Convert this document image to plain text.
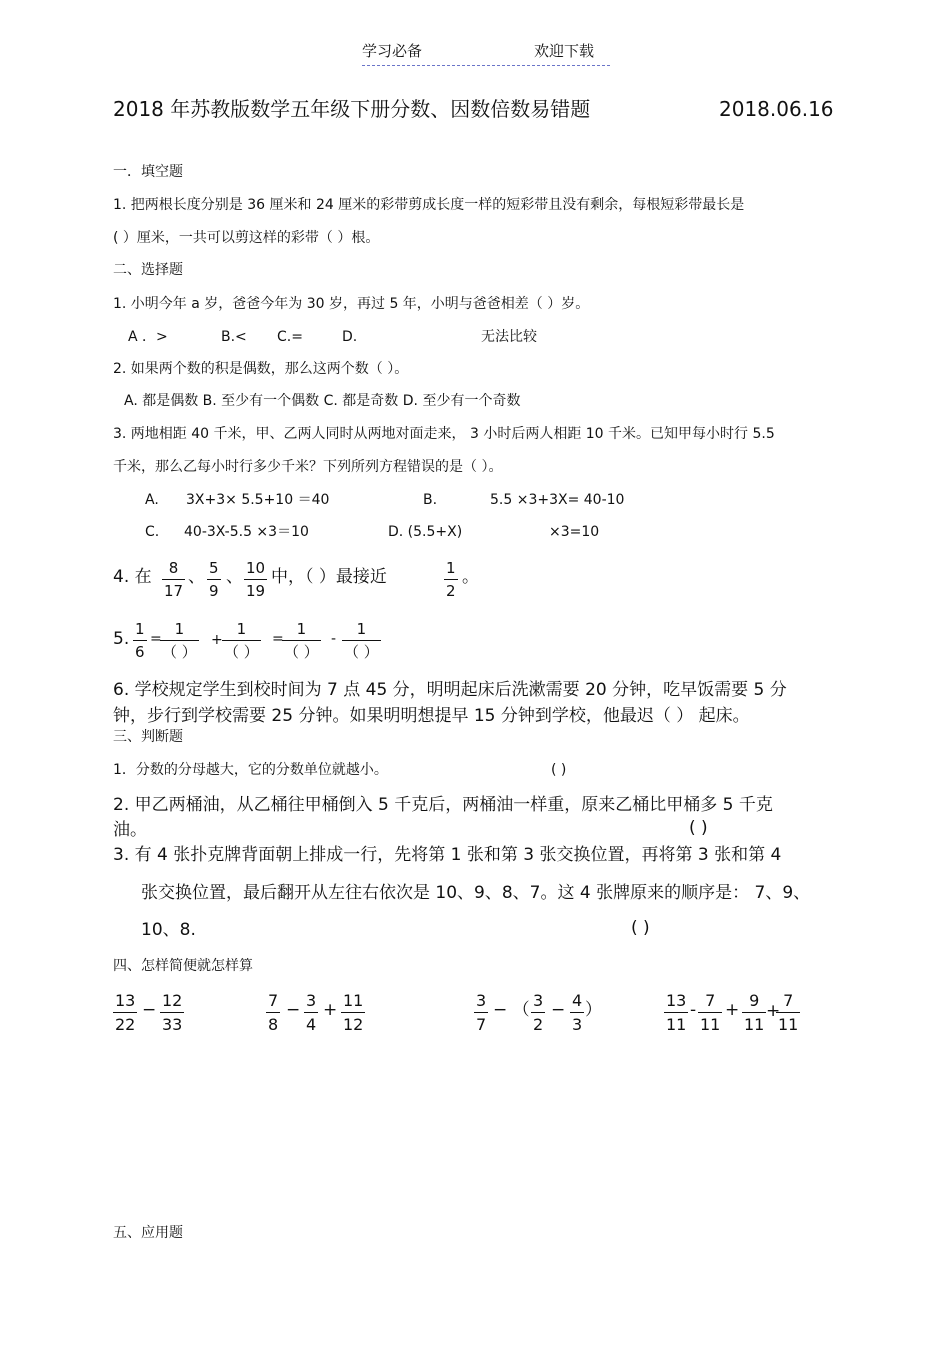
学习必备	欢迎下载
2018 年苏教版数学五年级下册分数、因数倍数易错题	2018.06.16
一．填空题
1. 把两根长度分别是 36 厘米和 24 厘米的彩带剪成长度一样的短彩带且没有剩余，每根短彩带最长是
( ）厘米，一共可以剪这样的彩带（ ）根。
二、选择题
1. 小明今年 a 岁，爸爸今年为 30 岁，再过 5 年，小明与爸爸相差（ ）岁。
A ．>	B.< C.=	D.	无法比较
2. 如果两个数的积是偶数，那么这两个数（ ）。
A. 都是偶数 B. 至少有一个偶数 C. 都是奇数 D. 至少有一个奇数
3. 两地相距 40 千米，甲、乙两人同时从两地对面走来， 3 小时后两人相距 10 千米。已知甲每小时行 5.5
千米，那么乙每小时行多少千米？下列所列方程错误的是（ ）。
A. 3X+3× 5.5+10 ＝40	B.	5.5 ×3+3X= 40-10
C. 40-3X-5.5 ×3＝10	D. (5.5+X)	×3=10
4. 在 8
17
、 5
9
、 10
19
中，（ ）最接近	1
2
。
5. 1
6
=
1
（ ）
+
1
（ ）
=
1
（ ）
-
1
（ ）
6. 学校规定学生到校时间为 7 点 45 分，明明起床后洗漱需要 20 分钟，吃早饭需要 5 分
钟，步行到学校需要 25 分钟。如果明明想提早 15 分钟到学校，他最迟（ ） 起床。
三、判断题
1．分数的分母越大，它的分数单位就越小。	( )
2. 甲乙两桶油，从乙桶往甲桶倒入 5 千克后，两桶油一样重，原来乙桶比甲桶多 5 千克
油。	( )
3. 有 4 张扑克牌背面朝上排成一行，先将第 1 张和第 3 张交换位置，再将第 3 张和第 4
张交换位置，最后翻开从左往右依次是 10、9、8、7。这 4 张牌原来的顺序是： 7、9、
10、8.	( )
四、怎样简便就怎样算
13
22
− 12
33
7
8
− 3
4
+ 11
12
3
7
− （ 3
2
− 4
3
）	13
11
- 7
11
+ 9
11
+
7
11
五、应用题
